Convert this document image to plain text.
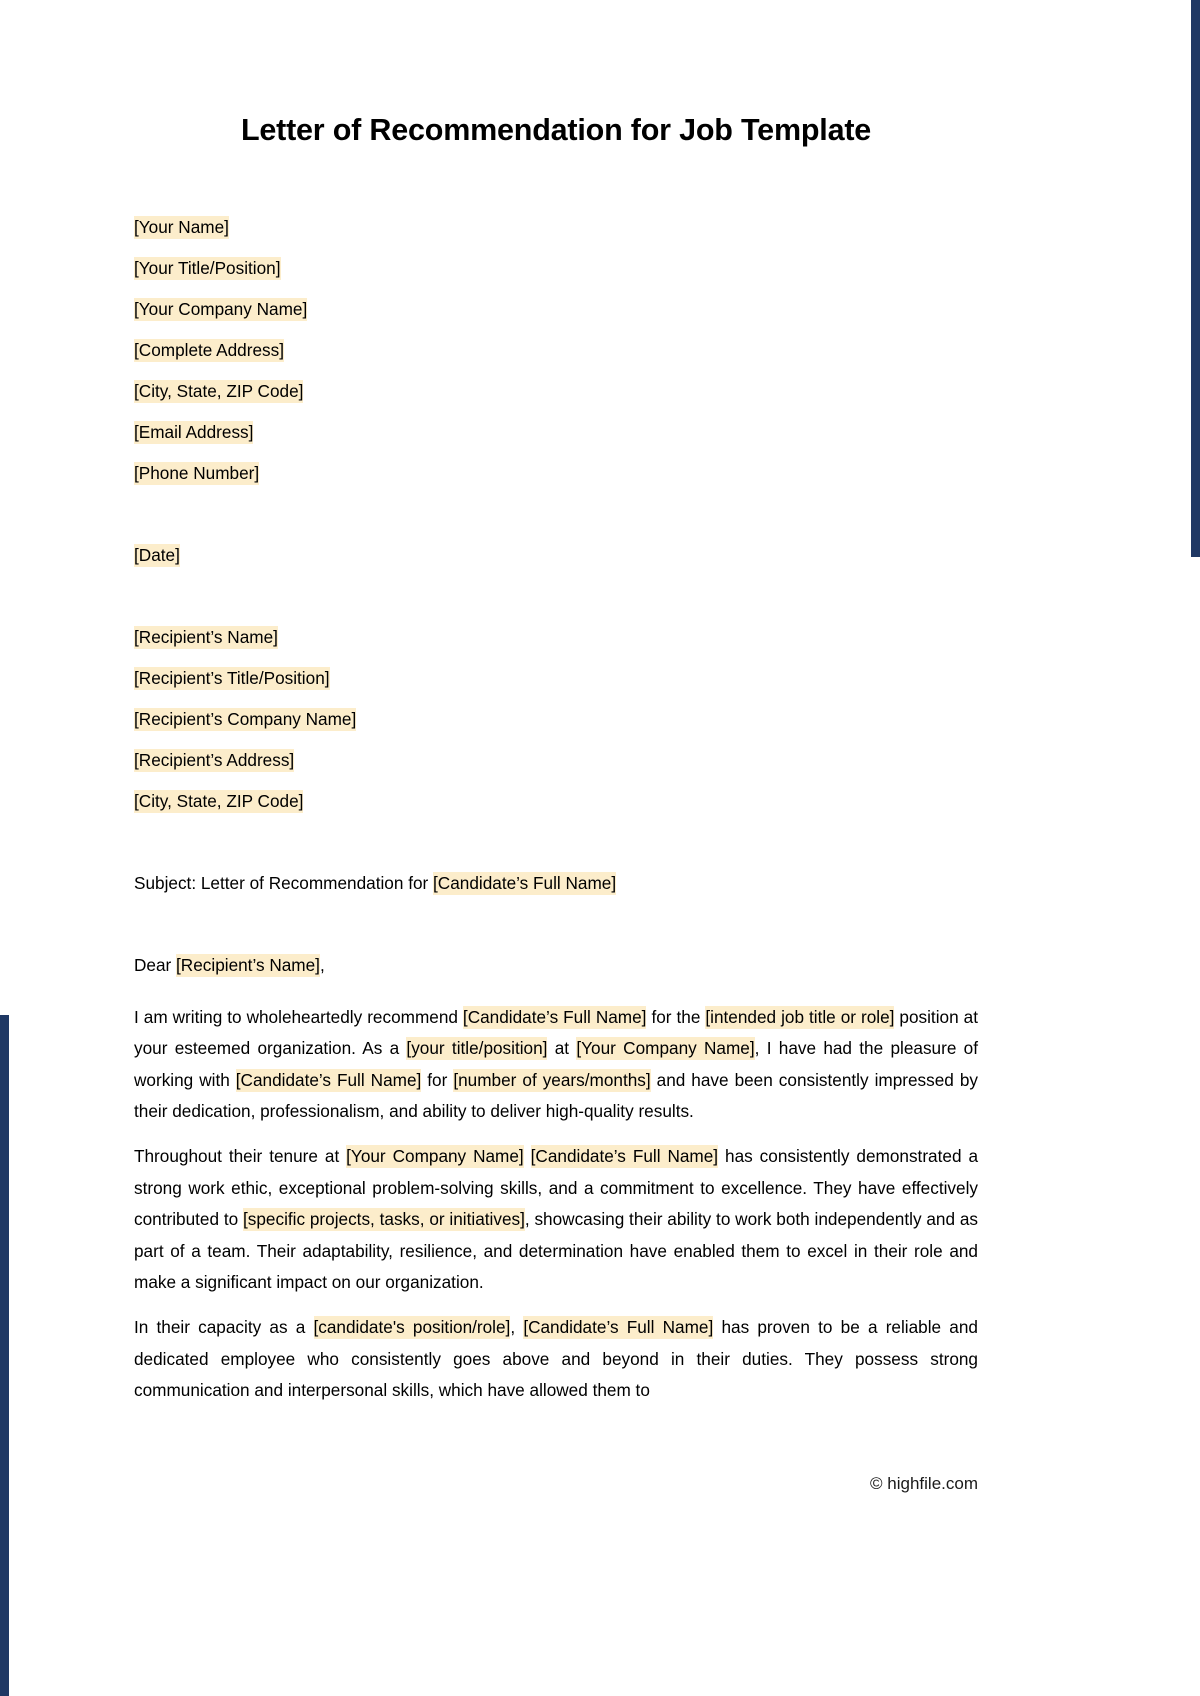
Letter of Recommendation for Job Template
[Your Name]
[Your Title/Position]
[Your Company Name]
[Complete Address]
[City, State, ZIP Code]
[Email Address]
[Phone Number]
[Date]
[Recipient’s Name]
[Recipient’s Title/Position]
[Recipient’s Company Name]
[Recipient’s Address]
[City, State, ZIP Code]
Subject: Letter of Recommendation for [Candidate’s Full Name]
Dear [Recipient’s Name],

I am writing to wholeheartedly recommend [Candidate’s Full Name] for the [intended job title or role] position at your esteemed organization. As a [your title/position] at [Your Company Name], I have had the pleasure of working with [Candidate’s Full Name] for [number of years/months] and have been consistently impressed by their dedication, professionalism, and ability to deliver high-quality results.

Throughout their tenure at [Your Company Name] [Candidate’s Full Name] has consistently demonstrated a strong work ethic, exceptional problem-solving skills, and a commitment to excellence. They have effectively contributed to [specific projects, tasks, or initiatives], showcasing their ability to work both independently and as part of a team. Their adaptability, resilience, and determination have enabled them to excel in their role and make a significant impact on our organization.

In their capacity as a [candidate's position/role], [Candidate’s Full Name] has proven to be a reliable and dedicated employee who consistently goes above and beyond in their duties. They possess strong communication and interpersonal skills, which have allowed them to

© highfile.com
